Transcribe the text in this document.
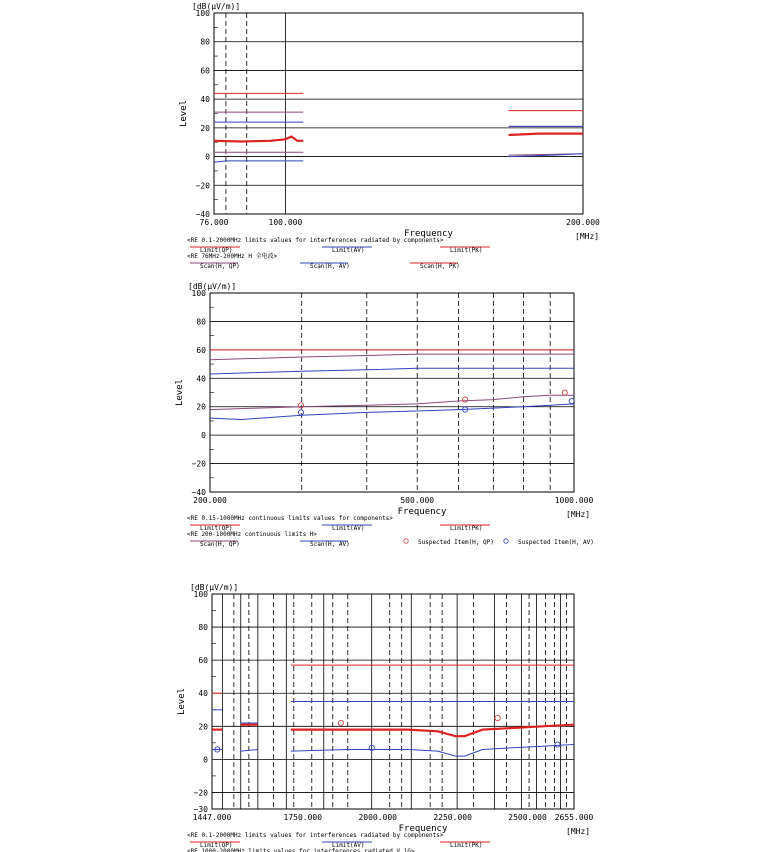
100
80
60
40
20
0
−20
−40
76.000	100.000	200.000
[dB(μV/m)]
Level
Frequency	[MHz]
<RE 0.1-2000MHz limits values for interferences radiated by components>
Limit(QP)	Limit(AV)	Limit(PK)
<RE 76MHz-200MHz H 全电波>
Scan(H, QP)	Scan(H, AV)	Scan(H, PK)
100
80
60
40
20
0
−20
−40
200.000	500.000	1000.000
[dB(μV/m)]
Level
Frequency	[MHz]
<RE 0.15-1000MHz continuous limits values for components>
Limit(QP)	Limit(AV)	Limit(PK)
<RE 200-1000MHz continuous limits H>
Scan(H, QP)	Scan(H, AV)	Suspected Item(H, QP)	Suspected Item(H, AV)
100
80
60
40
20
0
−20
−30
1447.000	1750.000	2000.000	2250.000	2500.000 2655.000
[dB(μV/m)]
Level
Frequency	[MHz]
<RE 0.1-2000MHz limits values for interferences radiated by components>
Limit(QP)	Limit(AV)	Limit(PK)
<RE 1000-2000MHz limits values for interferences radiated V 1G>
